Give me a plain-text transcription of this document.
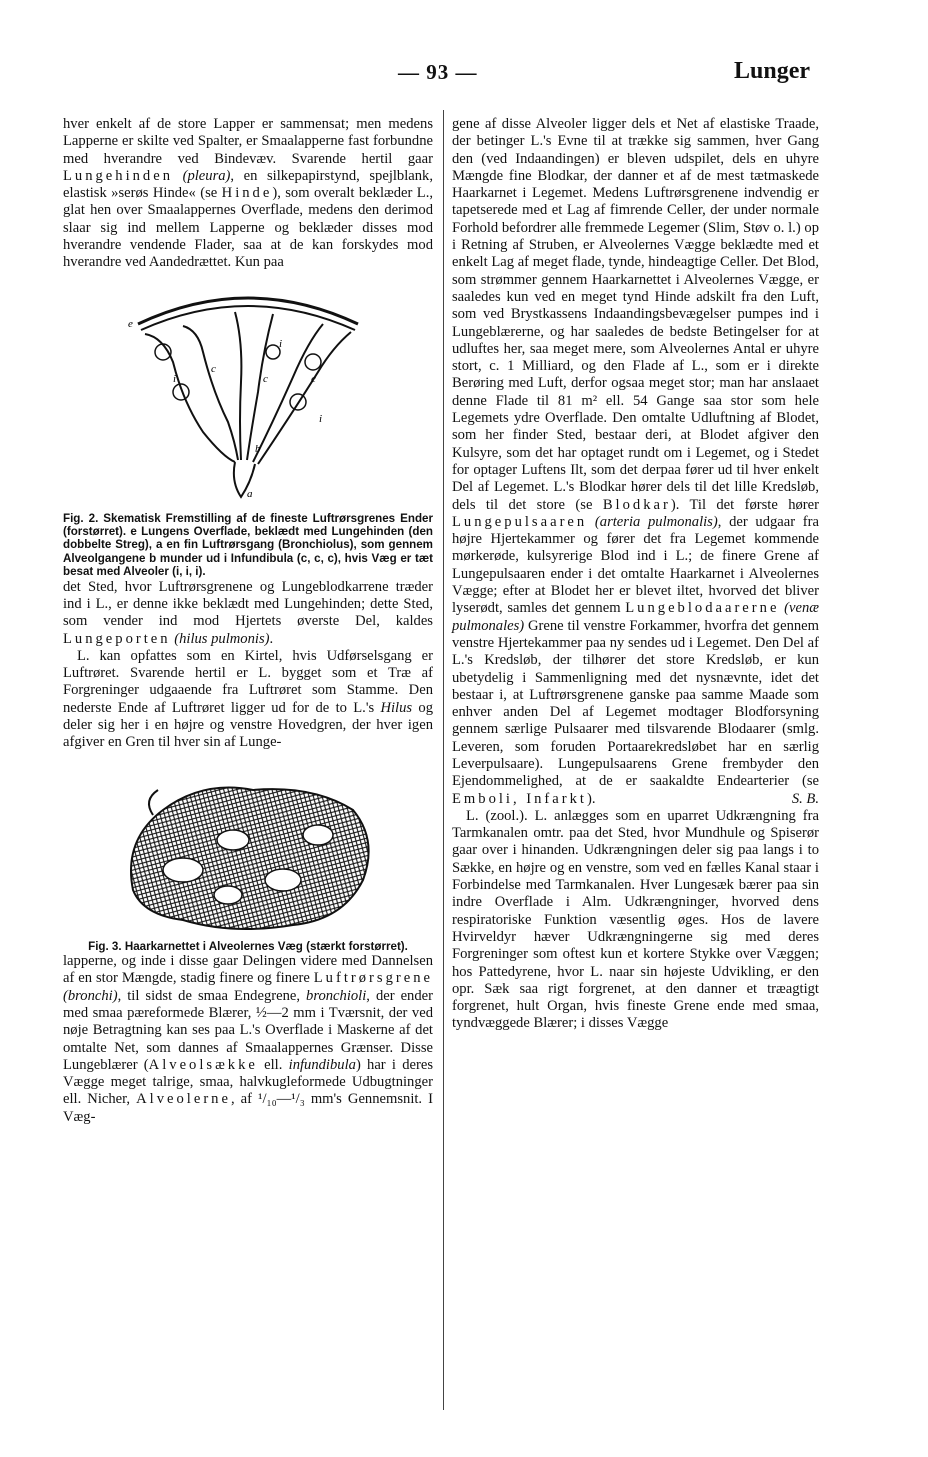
— 93 —	Lunger

hver enkelt af de store Lapper er sammensat; men medens Lapperne er skilte ved Spalter, er Smaalapperne fast forbundne med hverandre ved Bindevæv. Svarende hertil gaar Lungehinden (pleura), en silkepapirstynd, spejlblank, elastisk »serøs Hinde« (se Hinde), som overalt beklæder L., glat hen over Smaalappernes Overflade, medens den derimod slaar sig ind mellem Lapperne og beklæder disses mod hverandre vendende Flader, saa at de kan forskydes mod hverandre ved Aandedrættet. Kun paa

e
c
c	c
i
i
i
b
a

Fig. 2. Skematisk Fremstilling af de fineste Luftrørsgrenes Ender (forstørret). e Lungens Overflade, beklædt med Lungehinden (den dobbelte Streg), a en fin Luftrørsgang (Bronchiolus), som gennem Alveolgangene b munder ud i Infundibula (c, c, c), hvis Væg er tæt besat med Alveoler (i, i, i).

det Sted, hvor Luftrørsgrenene og Lungeblodkarrene træder ind i L., er denne ikke beklædt med Lungehinden; dette Sted, som vender ind mod Hjertets øverste Del, kaldes Lungeporten (hilus pulmonis).

L. kan opfattes som en Kirtel, hvis Udførselsgang er Luftrøret. Svarende hertil er L. bygget som et Træ af Forgreninger udgaaende fra Luftrøret som Stamme. Den nederste Ende af Luftrøret ligger ud for de to L.'s Hilus og deler sig her i en højre og venstre Hovedgren, der hver igen afgiver en Gren til hver sin af Lunge-

Fig. 3. Haarkarnettet i Alveolernes Væg (stærkt forstørret).

lapperne, og inde i disse gaar Delingen videre med Dannelsen af en stor Mængde, stadig finere og finere Luftrørsgrene (bronchi), til sidst de smaa Endegrene, bronchioli, der ender med smaa pæreformede Blærer, ½—2 mm i Tværsnit, der ved nøje Betragtning kan ses paa L.'s Overflade i Maskerne af det omtalte Net, som dannes af Smaalappernes Grænser. Disse Lungeblærer (Alveolsække ell. infundibula) har i deres Vægge meget talrige, smaa, halvkugleformede Udbugtninger ell. Nicher, Alveolerne, af ¹/₁₀—¹/₃ mm's Gennemsnit. I Væg-

gene af disse Alveoler ligger dels et Net af elastiske Traade, der betinger L.'s Evne til at trække sig sammen, hver Gang den (ved Indaandingen) er bleven udspilet, dels en uhyre Mængde fine Blodkar, der danner et af de mest tætmaskede Haarkarnet i Legemet. Medens Luftrørsgrenene indvendig er tapetserede med et Lag af fimrende Celler, der under normale Forhold befordrer alle fremmede Legemer (Slim, Støv o. l.) op i Retning af Struben, er Alveolernes Vægge beklædte med et enkelt Lag af meget flade, tynde, hindeagtige Celler. Det Blod, som strømmer gennem Haarkarnettet i Alveolernes Vægge, er saaledes kun ved en meget tynd Hinde adskilt fra den Luft, som ved Brystkassens Indaandingsbevægelser pumpes ind i Lungeblærerne, og har saaledes de bedste Betingelser for at udluftes her, saa meget mere, som Alveolernes Antal er uhyre stort, c. 1 Milliard, og den Flade af L., som er i direkte Berøring med Luft, derfor ogsaa meget stor; man har anslaaet denne Flade til 81 m² ell. 54 Gange saa stor som hele Legemets ydre Overflade. Den omtalte Udluftning af Blodet, som her finder Sted, bestaar deri, at Blodet afgiver den Kulsyre, som det har optaget rundt om i Legemet, og i Stedet for optager Luftens Ilt, som det derpaa fører ud til hver enkelt Del af Legemet. L.'s Blodkar hører dels til det lille Kredsløb, dels til det store (se Blodkar). Til det første hører Lungepulsaaren (arteria pulmonalis), der udgaar fra højre Hjertekammer og fører det fra Legemet kommende mørkerøde, kulsyrerige Blod ind i L.; de finere Grene af Lungepulsaaren ender i det omtalte Haarkarnet i Alveolernes Vægge; efter at Blodet her er blevet iltet, hvorved det bliver lyserødt, samles det gennem Lungeblodaarerne (venæ pulmonales) Grene til venstre Forkammer, hvorfra det gennem venstre Hjertekammer paa ny sendes ud i Legemet. Den Del af L.'s Kredsløb, der tilhører det store Kredsløb, er kun ubetydelig i Sammenligning med det nysnævnte, idet det bestaar i, at Luftrørsgrenene ganske paa samme Maade som enhver anden Del af Legemet modtager Blodforsyning gennem særlige Pulsaarer med tilsvarende Blodaarer (smlg. Leveren, som foruden Portaarekredsløbet har en særlig Leverpulsaare). Lungepulsaarens Grene frembyder den Ejendommelighed, at de er saakaldte Endearterier (se Emboli, Infarkt).	S. B.

L. (zool.). L. anlægges som en uparret Udkrængning fra Tarmkanalen omtr. paa det Sted, hvor Mundhule og Spiserør gaar over i hinanden. Udkrængningen deler sig paa langs i to Sække, en højre og en venstre, som ved en fælles Kanal staar i Forbindelse med Tarmkanalen. Hver Lungesæk bærer paa sin indre Overflade i Alm. Udkrængninger, hvorved dens respiratoriske Funktion væsentlig øges. Hos de lavere Hvirveldyr hæver Udkrængningerne sig med deres Forgreninger som oftest kun et kortere Stykke over Væggen; hos Pattedyrene, hvor L. naar sin højeste Udvikling, er den opr. Sæk saa rigt forgrenet, at den danner et træagtigt forgrenet, hult Organ, hvis fineste Grene ende med smaa, tyndvæggede Blærer; i disses Vægge
